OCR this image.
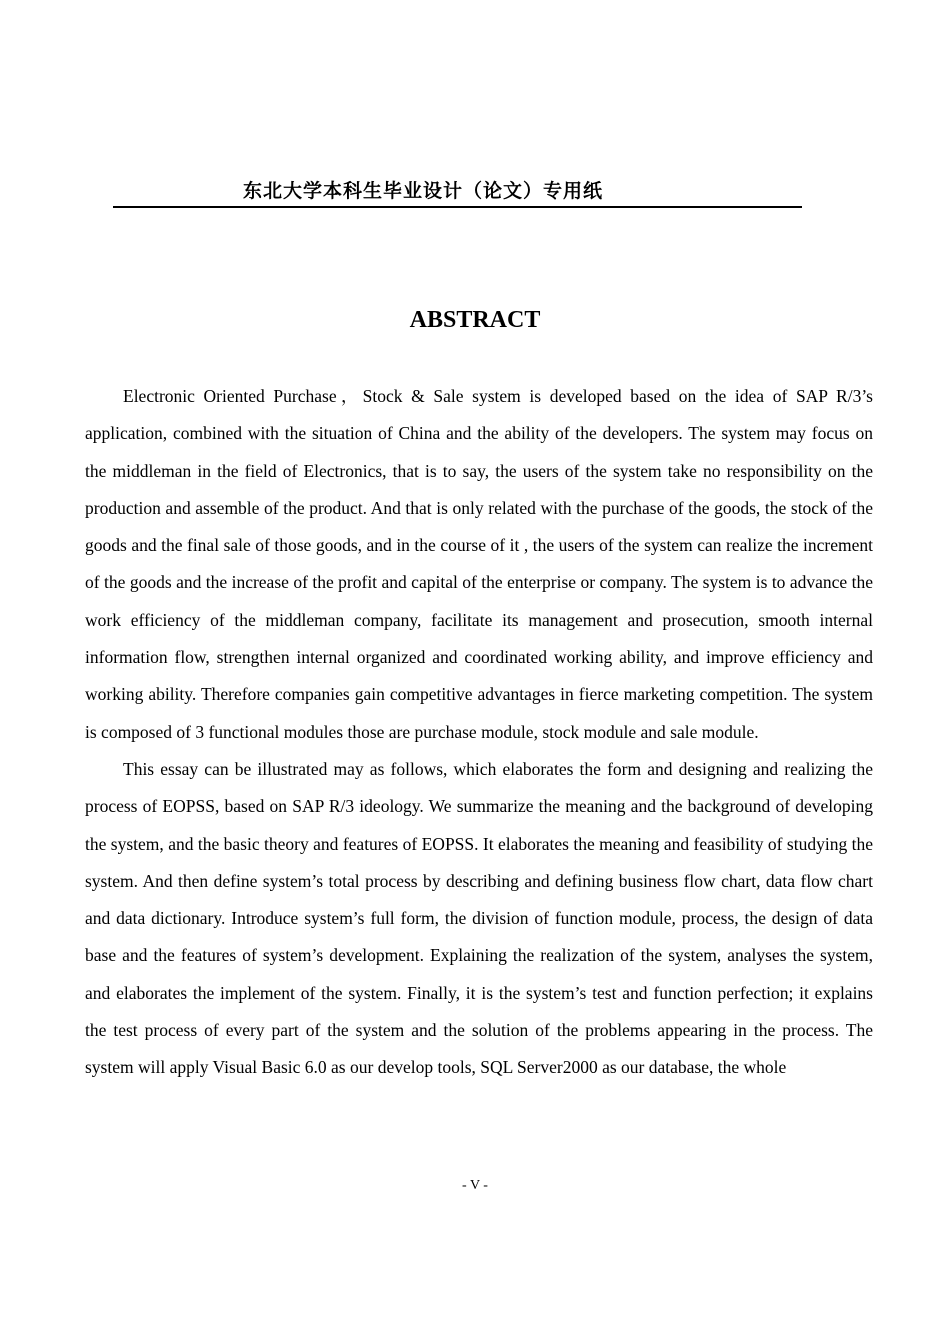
东北大学本科生毕业设计（论文）专用纸
ABSTRACT

Electronic Oriented Purchase，Stock & Sale system is developed based on the idea of SAP R/3’s application, combined with the situation of China and the ability of the developers. The system may focus on the middleman in the field of Electronics, that is to say, the users of the system take no responsibility on the production and assemble of the product. And that is only related with the purchase of the goods, the stock of the goods and the final sale of those goods, and in the course of it , the users of the system can realize the increment of the goods and the increase of the profit and capital of the enterprise or company. The system is to advance the work efficiency of the middleman company, facilitate its management and prosecution, smooth internal information flow, strengthen internal organized and coordinated working ability, and improve efficiency and working ability. Therefore companies gain competitive advantages in fierce marketing competition. The system is composed of 3 functional modules those are purchase module, stock module and sale module.

This essay can be illustrated may as follows, which elaborates the form and designing and realizing the process of EOPSS, based on SAP R/3 ideology. We summarize the meaning and the background of developing the system, and the basic theory and features of EOPSS. It elaborates the meaning and feasibility of studying the system. And then define system’s total process by describing and defining business flow chart, data flow chart and data dictionary. Introduce system’s full form, the division of function module, process, the design of data base and the features of system’s development. Explaining the realization of the system, analyses the system, and elaborates the implement of the system. Finally, it is the system’s test and function perfection; it explains the test process of every part of the system and the solution of the problems appearing in the process. The system will apply Visual Basic 6.0 as our develop tools, SQL Server2000 as our database, the whole

- V -
